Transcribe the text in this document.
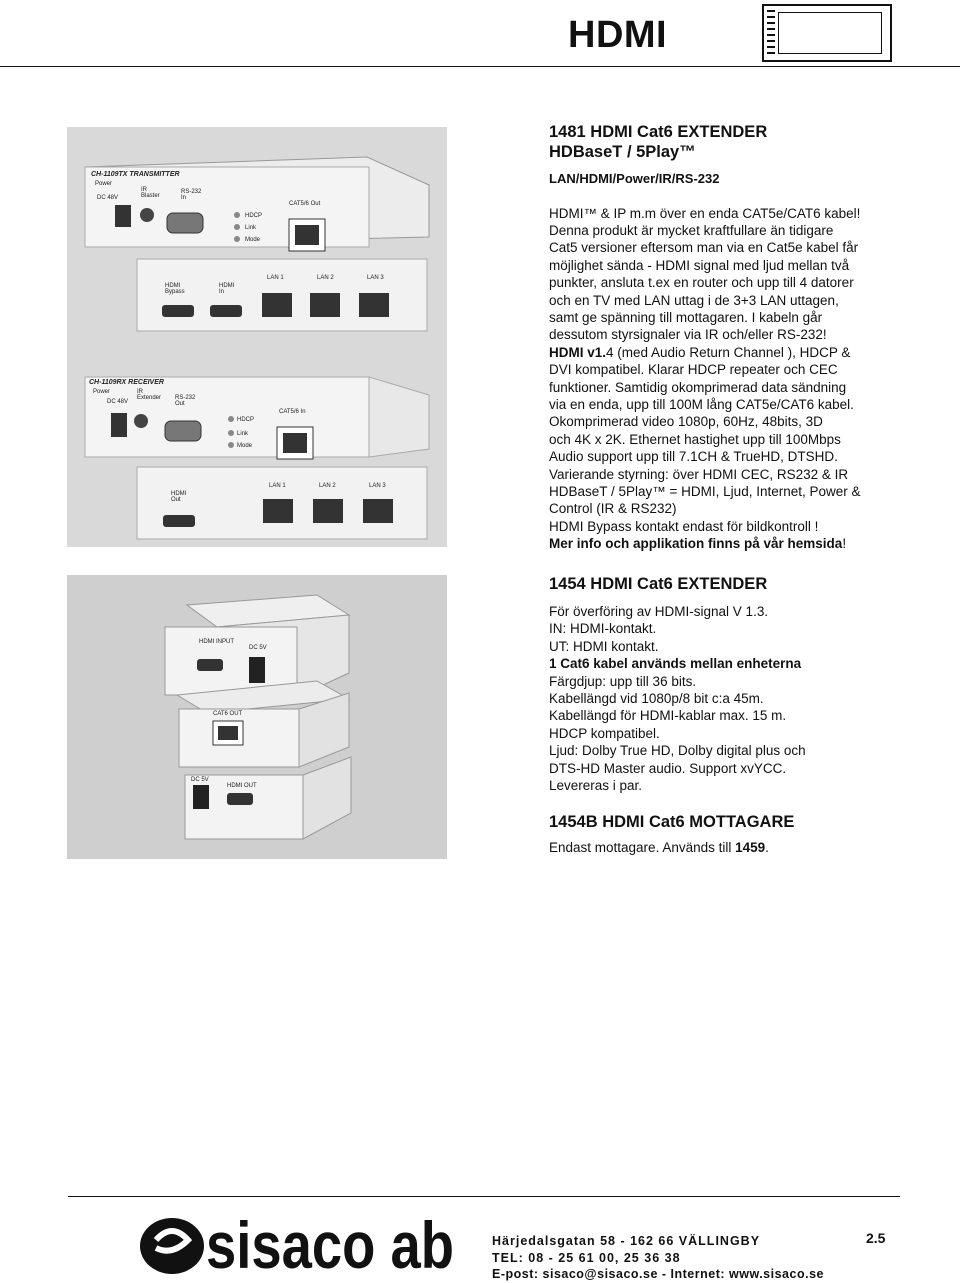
HDMI
CH-1109TX TRANSMITTER
Power
DC 48V
IR Blaster
RS-232 In
HDCP
Link
Mode
CAT5/6 Out
LAN 1	LAN 2	LAN 3
HDMI Bypass
HDMI In
CH-1109RX RECEIVER
Power
DC 48V
IR Extender	RS-232 Out
HDCP
Link
Mode
CAT5/6 In
LAN 1	LAN 2	LAN 3
HDMI Out
HDMI INPUT
DC 5V
CAT6 OUT
DC 5V
HDMI OUT
1481 HDMI Cat6 EXTENDER
HDBaseT / 5Play™
LAN/HDMI/Power/IR/RS-232
HDMI™ & IP m.m över en enda CAT5e/CAT6 kabel!
Denna produkt är mycket kraftfullare än tidigare
Cat5 versioner eftersom man via en Cat5e kabel får
möjlighet sända - HDMI signal med ljud mellan två
punkter, ansluta t.ex en router och upp till 4 datorer
och en TV med LAN uttag i de 3+3 LAN uttagen,
samt ge spänning till mottagaren. I kabeln går
dessutom styrsignaler via IR och/eller RS-232!
HDMI v1.4 (med Audio Return Channel ), HDCP &
DVI kompatibel. Klarar HDCP repeater och CEC
funktioner. Samtidig okomprimerad data sändning
via en enda, upp till 100M lång CAT5e/CAT6 kabel.
Okomprimerad video 1080p, 60Hz, 48bits, 3D
och 4K x 2K. Ethernet hastighet upp till 100Mbps
Audio support upp till 7.1CH & TrueHD, DTSHD.
Varierande styrning: över HDMI CEC, RS232 & IR
HDBaseT / 5Play™ = HDMI, Ljud, Internet, Power &
Control (IR & RS232)
HDMI Bypass kontakt endast för bildkontroll !
Mer info och applikation finns på vår hemsida!
1454 HDMI Cat6 EXTENDER
För överföring av HDMI-signal V 1.3.
IN: HDMI-kontakt.
UT: HDMI kontakt.
1 Cat6 kabel används mellan enheterna
Färgdjup: upp till 36 bits.
Kabellängd vid 1080p/8 bit c:a 45m.
Kabellängd för HDMI-kablar max. 15 m.
HDCP kompatibel.
Ljud: Dolby True HD, Dolby digital plus och
DTS-HD Master audio. Support xvYCC.
Levereras i par.
1454B HDMI Cat6 MOTTAGARE
Endast mottagare. Används till 1459.
sisaco ab	Härjedalsgatan 58 - 162 66 VÄLLINGBY
TEL: 08 - 25 61 00, 25 36 38
E-post: sisaco@sisaco.se - Internet: www.sisaco.se
2.5
